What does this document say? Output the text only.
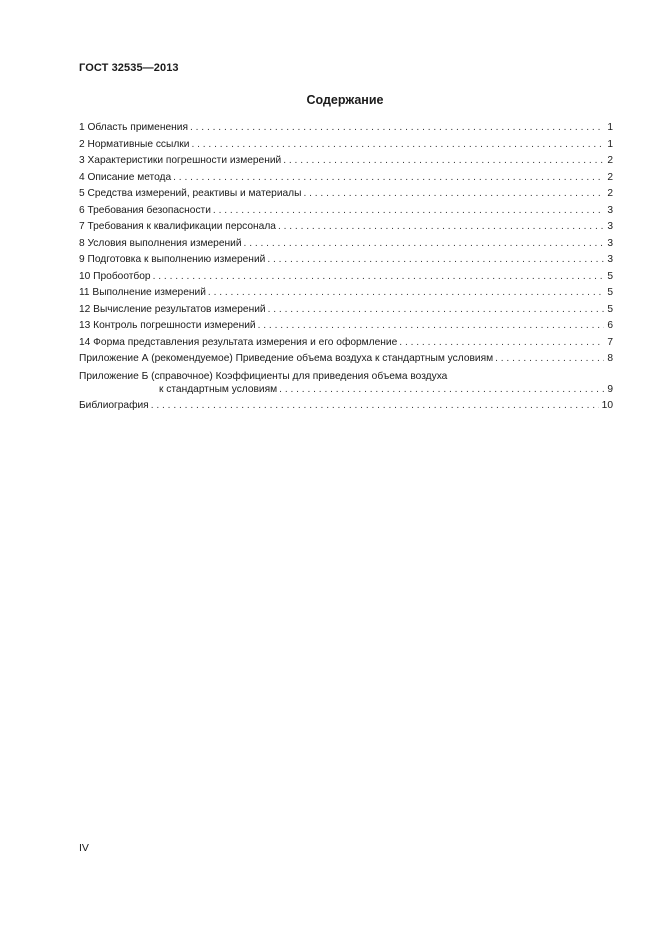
ГОСТ 32535—2013
Содержание
1 Область применения . . .	1
2 Нормативные ссылки . . .	1
3 Характеристики погрешности измерений . . .	2
4 Описание метода . . .	2
5 Средства измерений, реактивы и материалы . . .	2
6 Требования безопасности . . .	3
7 Требования к квалификации персонала . . .	3
8 Условия выполнения измерений . . .	3
9 Подготовка к выполнению измерений . . .	3
10 Пробоотбор . . .	5
11 Выполнение измерений . . .	5
12 Вычисление результатов измерений . . .	5
13 Контроль погрешности измерений . . .	6
14 Форма представления результата измерения и его оформление . . .	7
Приложение А (рекомендуемое) Приведение объема воздуха к стандартным условиям . . .	8
Приложение Б (справочное) Коэффициенты для приведения объема воздуха
к стандартным условиям . . .	9
Библиография . . .	10
IV
